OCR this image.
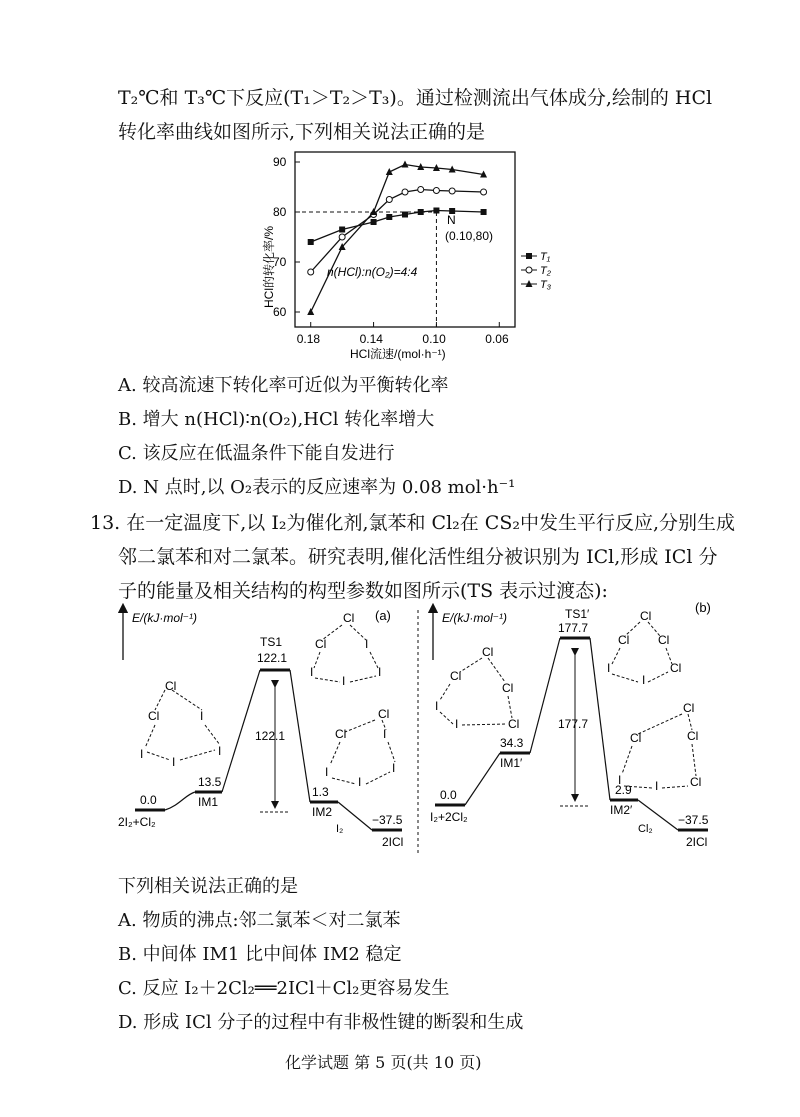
T₂℃和 T₃℃下反应(T₁＞T₂＞T₃)。通过检测流出气体成分,绘制的 HCl
转化率曲线如图所示,下列相关说法正确的是
60
70
80
90
0.18	0.14	0.10	0.06
T₁
T₂
T₃
HCl的转化率/%
HCl流速/(mol·h⁻¹)
N
(0.10,80)
n(HCl):n(O₂)=4:4
A. 较高流速下转化率可近似为平衡转化率
B. 增大 n(HCl)∶n(O₂),HCl 转化率增大
C. 该反应在低温条件下能自发进行
D. N 点时,以 O₂表示的反应速率为 0.08 mol·h⁻¹
13. 在一定温度下,以 I₂为催化剂,氯苯和 Cl₂在 CS₂中发生平行反应,分别生成
邻二氯苯和对二氯苯。研究表明,催化活性组分被识别为 ICl,形成 ICl 分
子的能量及相关结构的构型参数如图所示(TS 表示过渡态):
E/(kJ·mol⁻¹)	(a)
122.1
0.0
2I₂+Cl₂
13.5
IM1
TS1
122.1
1.3
IM2
−37.5
2ICl
I₂
Cl
Cl	I
I
I
I
Cl
Cl	I
I
I
I
Cl
Cl	I
I
I
I
E/(kJ·mol⁻¹)
(b)
177.7
0.0
I₂+2Cl₂
34.3
IM1′
TS1′
177.7
2.9
IM2′
−37.5
2ICl
Cl₂
Cl
Cl
Cl
I
I	Cl
Cl
Cl Cl
I
I
Cl
Cl
Cl	Cl
I	I	Cl
下列相关说法正确的是
A. 物质的沸点:邻二氯苯＜对二氯苯
B. 中间体 IM1 比中间体 IM2 稳定
C. 反应 I₂＋2Cl₂══2ICl＋Cl₂更容易发生
D. 形成 ICl 分子的过程中有非极性键的断裂和生成
化学试题 第 5 页(共 10 页)
